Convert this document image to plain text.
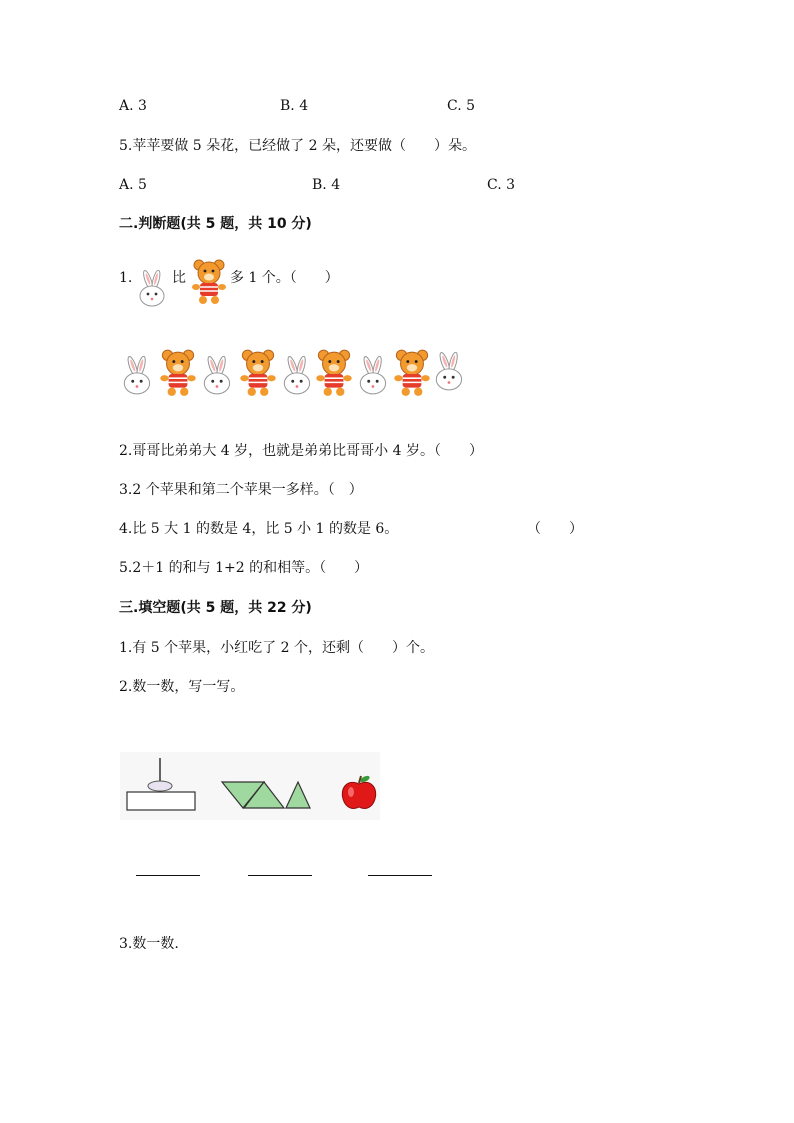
A. 3	B. 4	C. 5
5.苹苹要做 5 朵花，已经做了 2 朵，还要做（　　）朵。
A. 5	B. 4	C. 3
二.判断题(共 5 题，共 10 分)
1.	比	多 1 个。（　　）
2.哥哥比弟弟大 4 岁，也就是弟弟比哥哥小 4 岁。（　　）
3.2 个苹果和第二个苹果一多样。（　）
4.比 5 大 1 的数是 4，比 5 小 1 的数是 6。	（　　）
5.2＋1 的和与 1+2 的和相等。（　　）
三.填空题(共 5 题，共 22 分)
1.有 5 个苹果，小红吃了 2 个，还剩（　　）个。
2.数一数，写一写。
3.数一数.
